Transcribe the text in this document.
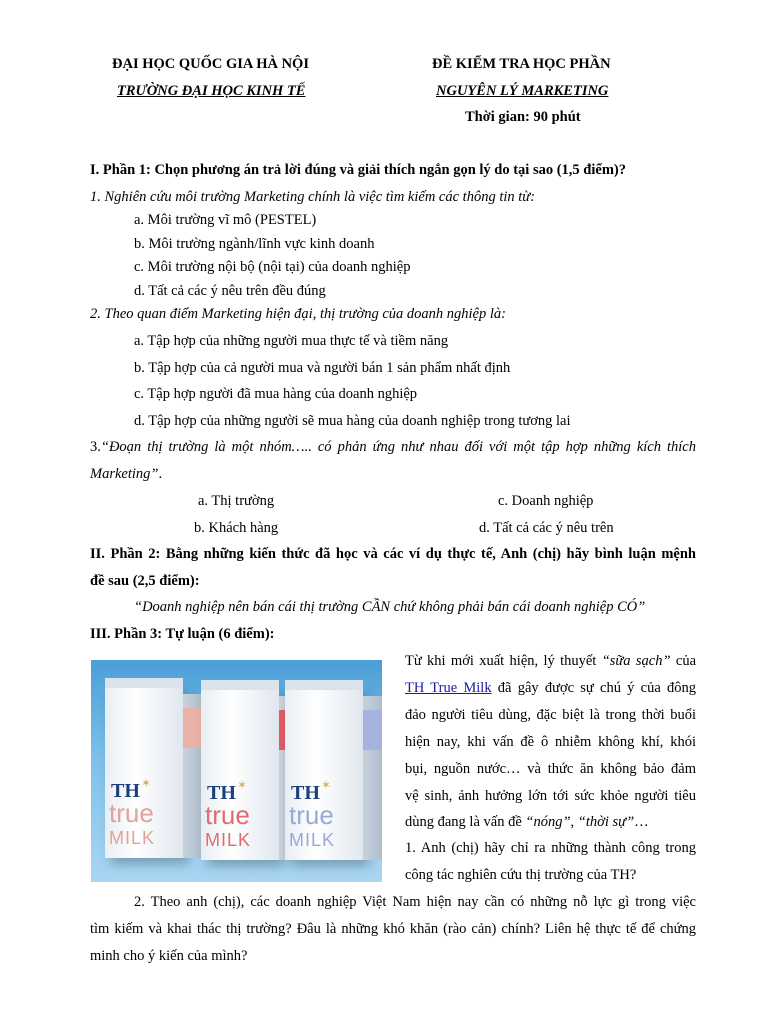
ĐẠI HỌC QUỐC GIA HÀ NỘI
TRƯỜNG ĐẠI HỌC KINH TẾ
ĐỀ KIỂM TRA HỌC PHẦN
NGUYÊN LÝ MARKETING
Thời gian: 90 phút
I. Phần 1: Chọn phương án trả lời đúng và giải thích ngắn gọn lý do tại sao (1,5 điểm)?
1. Nghiên cứu môi trường Marketing chính là việc tìm kiếm các thông tin từ:
a. Môi trường vĩ mô (PESTEL)
b. Môi trường ngành/lĩnh vực kinh doanh
c. Môi trường nội bộ (nội tại) của doanh nghiệp
d. Tất cả các ý nêu trên đều đúng
2. Theo quan điểm Marketing hiện đại, thị trường của doanh nghiệp là:
a. Tập hợp của những người mua thực tế và tiềm năng
b. Tập hợp của cả người mua và người bán 1 sản phẩm nhất định
c. Tập hợp người đã mua hàng của doanh nghiệp
d. Tập hợp của những người sẽ mua hàng của doanh nghiệp trong tương lai
3.“Đoạn thị trường là một nhóm….. có phản ứng như nhau đối với một tập hợp những kích thích
Marketing”.
a. Thị trường	c. Doanh nghiệp
b. Khách hàng	d. Tất cả các ý nêu trên
II. Phần 2: Bằng những kiến thức đã học và các ví dụ thực tế, Anh (chị) hãy bình luận mệnh
đề sau (2,5 điểm):
“Doanh nghiệp nên bán cái thị trường CẦN chứ không phải bán cái doanh nghiệp CÓ”
III. Phần 3: Tự luận (6 điểm):
TH ✶
true
MILK
TH ✶
true
MILK
TH ✶
true
MILK
Từ khi mới xuất hiện, lý thuyết “sữa sạch” của
TH True Milk đã gây được sự chú ý của đông
đảo người tiêu dùng, đặc biệt là trong thời buổi
hiện nay, khi vấn đề ô nhiễm không khí, khói
bụi, nguồn nước… và thức ăn không bảo đảm
vệ sinh, ảnh hưởng lớn tới sức khỏe người tiêu
dùng đang là vấn đề “nóng”, “thời sự”…
1. Anh (chị) hãy chỉ ra những thành công trong
công tác nghiên cứu thị trường của TH?
2. Theo anh (chị), các doanh nghiệp Việt Nam hiện nay cần có những nỗ lực gì trong việc
tìm kiếm và khai thác thị trường? Đâu là những khó khăn (rào cản) chính? Liên hệ thực tế để chứng
minh cho ý kiến của mình?
